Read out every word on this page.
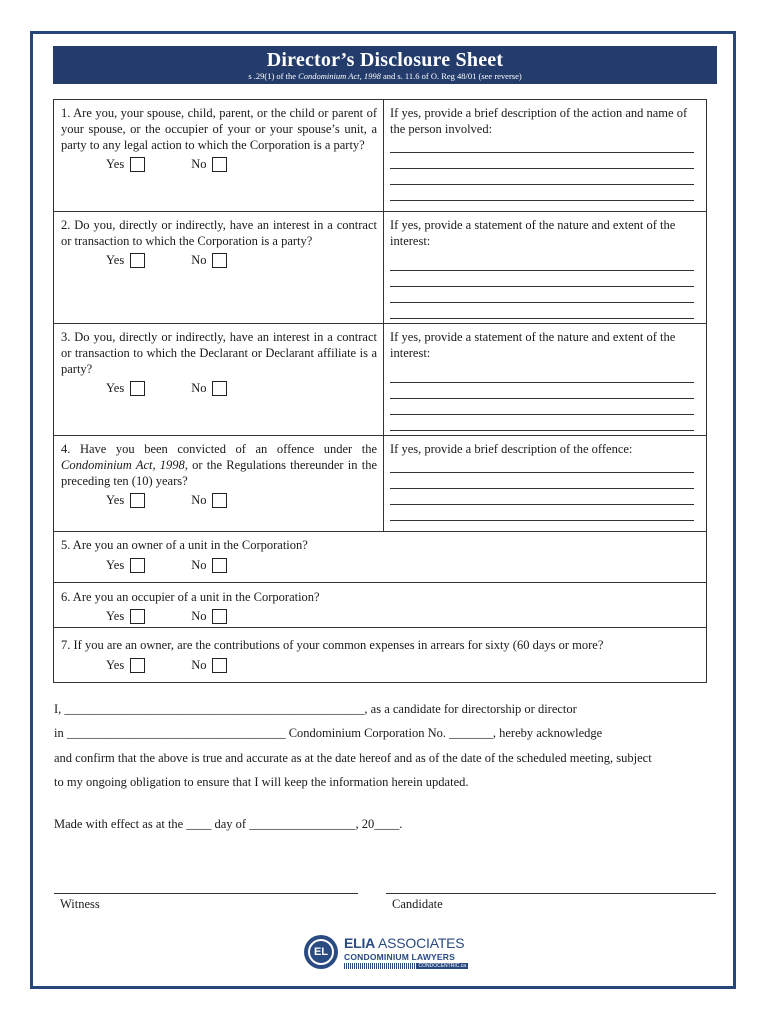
Director’s Disclosure Sheet
s .29(1) of the Condominium Act, 1998 and s. 11.6 of O. Reg 48/01 (see reverse)
1. Are you, your spouse, child, parent, or the child or parent of your spouse, or the occupier of your or your spouse’s unit, a party to any legal action to which the Corporation is a party?
Yes	No
If yes, provide a brief description of the action and name of the person involved:
2. Do you, directly or indirectly, have an interest in a contract or transaction to which the Corporation is a party?
Yes	No
If yes, provide a statement of the nature and extent of the interest:
3. Do you, directly or indirectly, have an interest in a contract or transaction to which the Declarant or Declarant affiliate is a party?
Yes	No
If yes, provide a statement of the nature and extent of the interest:
4. Have you been convicted of an offence under the Condominium Act, 1998, or the Regulations thereunder in the preceding ten (10) years?
Yes	No
If yes, provide a brief description of the offence:
5. Are you an owner of a unit in the Corporation?
Yes	No
6. Are you an occupier of a unit in the Corporation?
Yes	No
7. If you are an owner, are the contributions of your common expenses in arrears for sixty (60 days or more?
Yes	No
I, ________________________________________________, as a candidate for directorship or director
in ___________________________________ Condominium Corporation No. _______, hereby acknowledge
and confirm that the above is true and accurate as at the date hereof and as of the date of the scheduled meeting, subject
to my ongoing obligation to ensure that I will keep the information herein updated.
Made with effect as at the ____ day of _________________, 20____.
Witness	Candidate
EL
ELIA ASSOCIATES
CONDOMINIUM LAWYERS
CONDOCENTRIC.ca
